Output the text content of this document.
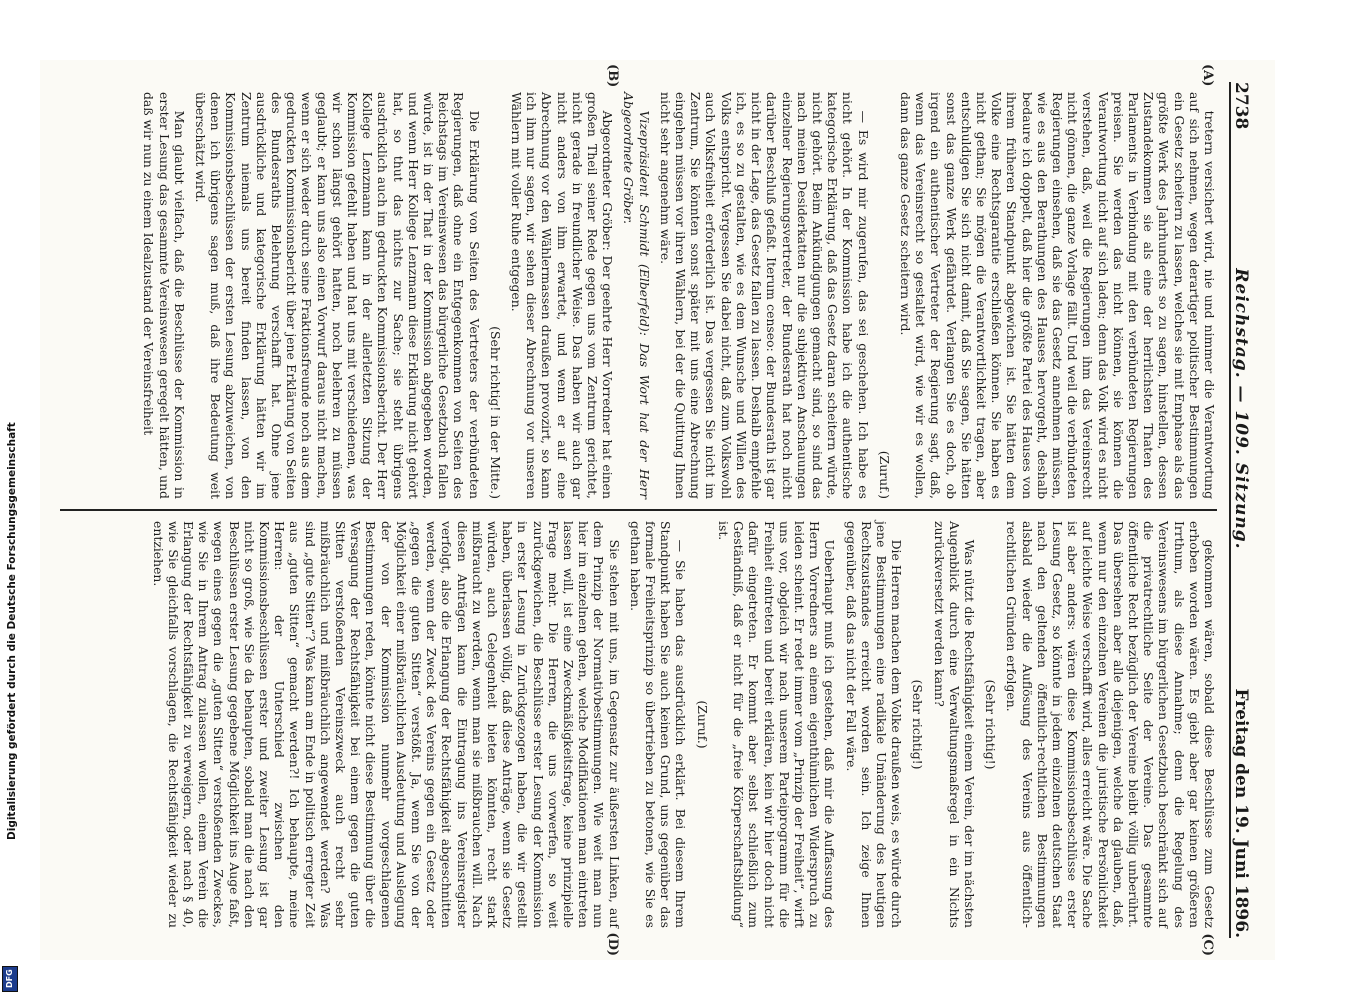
2738
Reichstag. — 109. Sitzung.
Freitag den 19. Juni 1896.
(A)
(B)
(C)
(D)

tretern versichert wird, nie und nimmer die Verantwortung auf sich nehmen, wegen derartiger politischer Bestimmungen ein Gesetz scheitern zu lassen, welches sie mit Emphase als das größte Werk des Jahrhunderts so zu sagen, hinstellen, dessen Zustandekommen sie als eine der herrlichsten Thaten des Parlaments in Verbindung mit den verbündeten Regierungen preisen. Sie werden das nicht können, sie können die Verantwortung nicht auf sich laden; denn das Volk wird es nicht verstehen, daß, weil die Regierungen ihm das Vereinsrecht nicht gönnen, die ganze Vorlage fällt. Und weil die verbündeten Regierungen einsehen, daß sie das Gesetz annehmen müssen, wie es aus den Berathungen des Hauses hervorgeht, deshalb bedaure ich doppelt, daß hier die größte Partei des Hauses von ihrem früheren Standpunkt abgewichen ist. Sie hätten dem Volke eine Rechtsgarantie erschließen können. Sie haben es nicht gethan; Sie mögen die Verantwortlichkeit tragen, aber entschuldigen Sie sich nicht damit, daß Sie sagen, Sie hätten sonst das ganze Werk gefährdet. Verlangen Sie es doch, ob irgend ein authentischer Vertreter der Regierung sagt, daß, wenn das Vereinsrecht so gestaltet wird, wie wir es wollen, dann das ganze Gesetz scheitern wird.

(Zuruf.)

— Es wird mir zugerufen, das sei geschehen. Ich habe es nicht gehört. In der Kommission habe ich die authentische kategorische Erklärung, daß das Gesetz daran scheitern würde, nicht gehört. Beim Ankündigungen gemacht sind, so sind das nach meinen Desiderkatten nur die subjektiven Anschauungen einzelner Regierungsvertreter, der Bundesrath hat noch nicht darüber Beschluß gefaßt. Iterum censeo: der Bundesrath ist gar nicht in der Lage, das Gesetz fallen zu lassen. Deshalb empfehle ich, es so zu gestalten, wie es dem Wunsche und Willen des Volks entspricht. Vergessen Sie dabei nicht, daß zum Volkswohl auch Volksfreiheit erforderlich ist. Das vergessen Sie nicht im Zentrum, Sie könnten sonst später mit uns eine Abrechnung eingehen müssen vor ihren Wählern, bei der die Quittung Ihnen nicht sehr angenehm wäre.

Vizepräsident Schmidt (Elberfeld): Das Wort hat der Herr Abgeordnete Gröber.

Abgeordneter Gröber: Der geehrte Herr Vorredner hat einen großen Theil seiner Rede gegen uns vom Zentrum gerichtet, nicht gerade in freundlicher Weise. Das haben wir auch gar nicht anders von ihm erwartet, und wenn er auf eine Abrechnung vor den Wählermassen draußen provozirt, so kann ich ihm nur sagen, wir sehen dieser Abrechnung vor unseren Wählern mit voller Ruhe entgegen.

(Sehr richtig! in der Mitte.)

Die Erklärung von Seiten des Vertreters der verbündeten Regierungen, daß ohne ein Entgegenkommen von Seiten des Reichstags im Vereinswesen das bürgerliche Gesetzbuch fallen würde, ist in der That in der Kommission abgegeben worden, und wenn Herr Kollege Lenzmann diese Erklärung nicht gehört hat, so thut das nichts zur Sache; sie steht übrigens ausdrücklich auch im gedruckten Kommissionsbericht. Der Herr Kollege Lenzmann kann in der allerletzten Sitzung der Kommission gefehlt haben und hat uns mit verschiedenen, was wir schon längst gehört hatten, noch belehren zu müssen geglaubt; er kann uns also einen Vorwurf daraus nicht machen, wenn er sich weder durch seine Fraktionsfreunde noch aus dem gedruckten Kommissionsbericht über jene Erklärung von Seiten des Bundesraths Belehrung verschafft hat. Ohne jene ausdrückliche und kategorische Erklärung hätten wir im Zentrum niemals uns bereit finden lassen, von den Kommissionsbeschlüssen der ersten Lesung abzuweichen, von denen ich übrigens sagen muß, daß ihre Bedeutung weit überschätzt wird.

Man glaubt vielfach, daß die Beschlüsse der Kommission in erster Lesung das gesammte Vereinswesen geregelt hätten, und daß wir nun zu einem Idealzustand der Vereinsfreiheit

gekommen wären, sobald diese Beschlüsse zum Gesetz erhoben worden wären. Es giebt aber gar keinen größeren Irrthum, als diese Annahme; denn die Regelung des Vereinswesens im bürgerlichen Gesetzbuch beschränkt sich auf die privatrechtliche Seite der Vereine. Das gesammte öffentliche Recht bezüglich der Vereine bleibt völlig unberührt. Das übersehen aber alle diejenigen, welche da glauben, daß, wenn nur den einzelnen Vereinen die juristische Persönlichkeit auf leichte Weise verschafft wird, alles erreicht wäre. Die Sache ist aber anders: wären diese Kommissionsbeschlüsse erster Lesung Gesetz, so könnte in jedem einzelnen deutschen Staat nach den geltenden öffentlich-rechtlichen Bestimmungen alsbald wieder die Auflösung des Vereins aus öffentlich-rechtlichen Gründen erfolgen.

(Sehr richtig!)

Was nützt die Rechtsfähigkeit einem Verein, der im nächsten Augenblick durch eine Verwaltungsmaßregel in ein Nichts zurückversetzt werden kann?

(Sehr richtig!)

Die Herren machen dem Volke draußen weis, es würde durch jene Bestimmungen eine radikale Umänderung des heutigen Rechtszustandes erreicht worden sein. Ich zeige Ihnen gegenüber, daß das nicht der Fall wäre.

Ueberhaupt muß ich gestehen, daß mir die Auffassung des Herrn Vorredners an einem eigenthümlichen Widerspruch zu leiden scheint. Er redet immer vom „Prinzip der Freiheit“, wirft uns vor, obgleich wir nach unserem Parteiprogramm für die Freiheit eintreten und bereit erklären, kein wir hier doch nicht dafür eingetreten. Er kommt aber selbst schließlich zum Geständniß, daß er nicht für die „freie Körperschaftsbildung“ ist.

(Zuruf.)

— Sie haben das ausdrücklich erklärt. Bei diesem Ihrem Standpunkt haben Sie auch keinen Grund, uns gegenüber das formale Freiheitsprinzip so übertrieben zu betonen, wie Sie es gethan haben.

Sie stehen mit uns, im Gegensatz zur äußersten Linken, auf dem Prinzip der Normativbestimmungen. Wie weit man nun hier im einzelnen gehen, welche Modifikationen man eintreten lassen will, ist eine Zweckmäßigkeitsfrage, keine prinzipielle Frage mehr. Die Herren, die uns vorwerfen, so weit zurückgewichen, die Beschlüsse erster Lesung der Kommission in erster Lesung in Zurückgezogen haben, die wir gestellt haben, überlassen völlig, daß diese Anträge, wenn sie Gesetz würden, auch Gelegenheit bieten könnten, recht stark mißbraucht zu werden, wenn man sie mißbrauchen will. Nach diesen Anträgen kann die Eintragung ins Vereinsregister verfolgt, also die Erlangung der Rechtsfähigkeit abgeschnitten werden, wenn der Zweck des Vereins gegen ein Gesetz oder „gegen die guten Sitten“ verstößt. Ja, wenn Sie von der Möglichkeit einer mißbräuchlichen Ausdeutung und Auslegung der von der Kommission nunmehr vorgeschlagenen Bestimmungen reden, könnte nicht diese Bestimmung über die Versagung der Rechtsfähigkeit bei einem gegen die guten Sitten verstoßenden Vereinszweck auch recht sehr mißbräuchlich und mißbräuchlich angewendet werden? Was sind „gute Sitten“? Was kann am Ende in politisch erregter Zeit aus „guten Sitten“ gemacht werden?! Ich behaupte, meine Herren: der Unterschied zwischen den Kommissionsbeschlüssen erster und zweiter Lesung ist gar nicht so groß, wie Sie da behaupten, sobald man die nach den Beschlüssen erster Lesung gegebene Möglichkeit ins Auge faßt, wegen eines gegen die „guten Sitten“ verstoßenden Zweckes, wie Sie in Ihrem Antrag zulassen wollen, einem Verein die Erlangung der Rechtsfähigkeit zu verweigern, oder nach § 40, wie Sie gleichfalls vorschlagen, die Rechtsfähigkeit wieder zu entziehen.

Digitalisierung gefördert durch die Deutsche Forschungsgemeinschaft
DFG
